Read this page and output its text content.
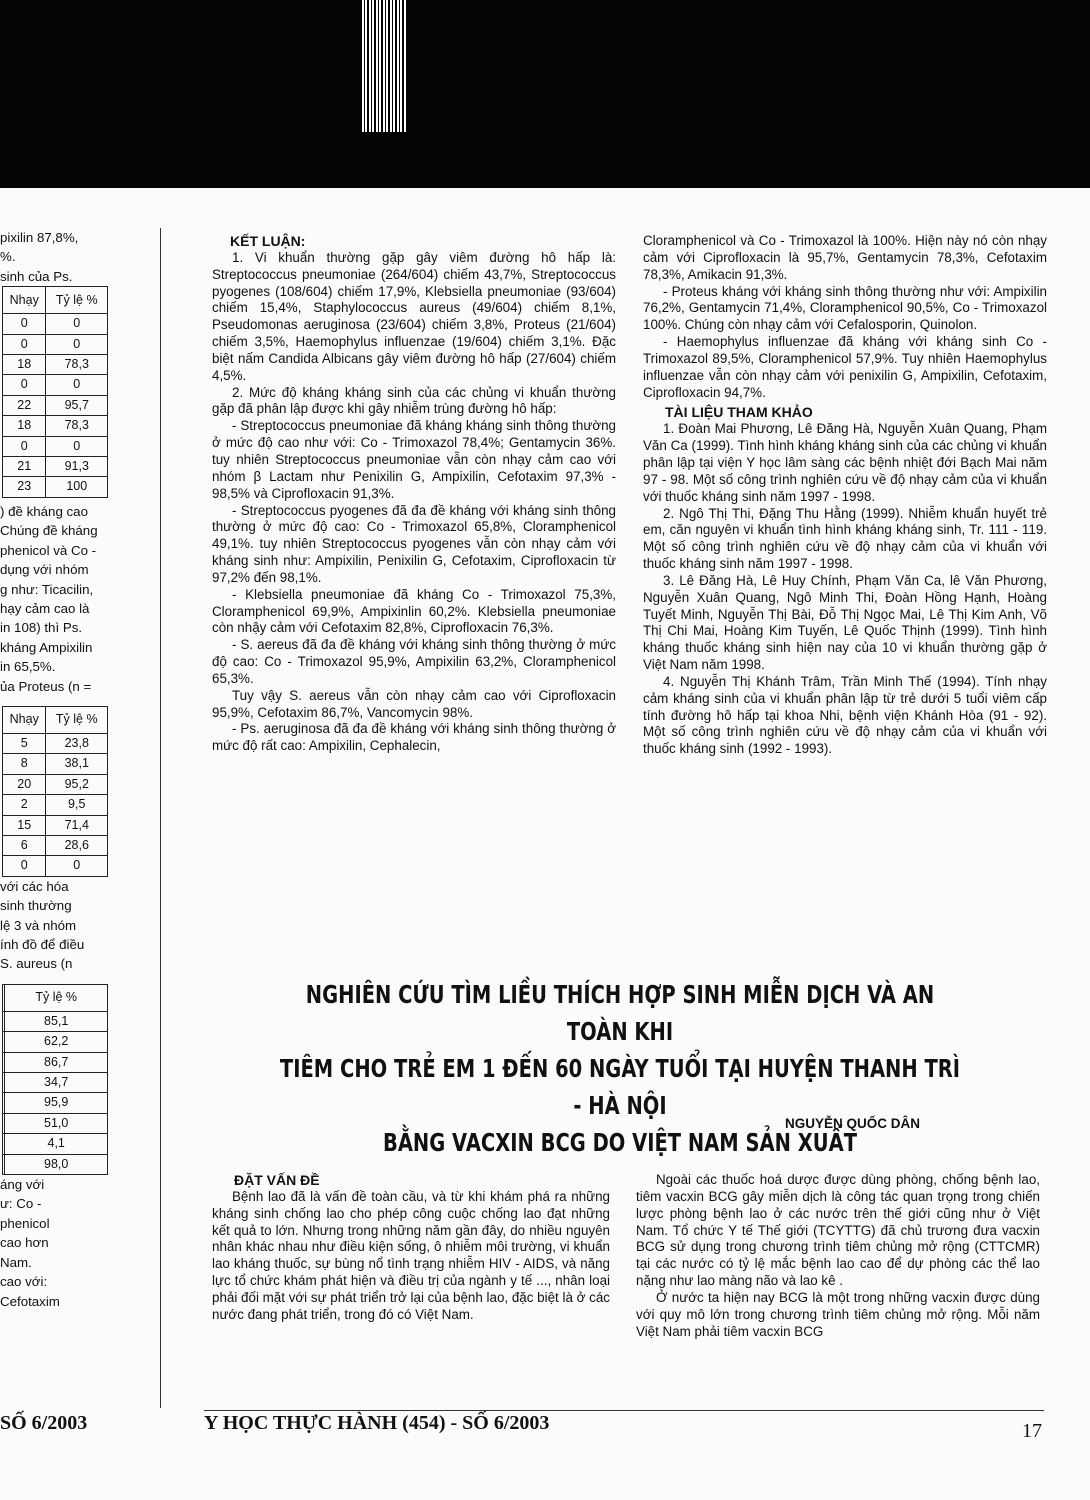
pixilin 87,8%,

%.

sinh của Ps.

Nhạy	Tỷ lệ %
0	0
0	0
18	78,3
0	0
22	95,7
18	78,3
0	0
21	91,3
23	100

) đề kháng cao

Chúng đề kháng

phenicol và Co -

dụng với nhóm

g như: Ticacilin,

hạy cảm cao là

in 108) thì Ps.

kháng Ampixilin

in 65,5%.

ủa Proteus (n =

Nhạy	Tỷ lệ %
5	23,8
8	38,1
20	95,2
2	9,5
15	71,4
6	28,6
0	0

với các hóa

sinh thường

lệ 3 và nhóm

ính đồ để điều

S. aureus (n

	Tỷ lệ %
	85,1
	62,2
	86,7
	34,7
	95,9
	51,0
	4,1
	98,0

áng với

ư: Co -

phenicol

cao hơn

Nam.

cao với:

Cefotaxim

SỐ 6/2003
KẾT LUẬN:

1. Vi khuẩn thường gặp gây viêm đường hô hấp là: Streptococcus pneumoniae (264/604) chiếm 43,7%, Streptococcus pyogenes (108/604) chiếm 17,9%, Klebsiella pneumoniae (93/604) chiếm 15,4%, Staphylococcus aureus (49/604) chiếm 8,1%, Pseudomonas aeruginosa (23/604) chiếm 3,8%, Proteus (21/604) chiếm 3,5%, Haemophylus influenzae (19/604) chiếm 3,1%. Đặc biệt nấm Candida Albicans gây viêm đường hô hấp (27/604) chiếm 4,5%.

2. Mức độ kháng kháng sinh của các chủng vi khuẩn thường gặp đã phân lập được khi gây nhiễm trùng đường hô hấp:

- Streptococcus pneumoniae đã kháng kháng sinh thông thường ở mức độ cao như với: Co - Trimoxazol 78,4%; Gentamycin 36%. tuy nhiên Streptococcus pneumoniae vẫn còn nhạy cảm cao với nhóm β Lactam như Penixilin G, Ampixilin, Cefotaxim 97,3% - 98,5% và Ciprofloxacin 91,3%.

- Streptococcus pyogenes đã đa đề kháng với kháng sinh thông thường ở mức độ cao: Co - Trimoxazol 65,8%, Cloramphenicol 49,1%. tuy nhiên Streptococcus pyogenes vẫn còn nhạy cảm với kháng sinh như: Ampixilin, Penixilin G, Cefotaxim, Ciprofloxacin từ 97,2% đến 98,1%.

- Klebsiella pneumoniae đã kháng Co - Trimoxazol 75,3%, Cloramphenicol 69,9%, Ampixinlin 60,2%. Klebsiella pneumoniae còn nhậy cảm với Cefotaxim 82,8%, Ciprofloxacin 76,3%.

- S. aereus đã đa đề kháng với kháng sinh thông thường ở mức độ cao: Co - Trimoxazol 95,9%, Ampixilin 63,2%, Cloramphenicol 65,3%.

Tuy vậy S. aereus vẫn còn nhạy cảm cao với Ciprofloxacin 95,9%, Cefotaxim 86,7%, Vancomycin 98%.

- Ps. aeruginosa đã đa đề kháng với kháng sinh thông thường ở mức độ rất cao: Ampixilin, Cephalecin,

Cloramphenicol và Co - Trimoxazol là 100%. Hiện này nó còn nhạy cảm với Ciprofloxacin là 95,7%, Gentamycin 78,3%, Cefotaxim 78,3%, Amikacin 91,3%.

- Proteus kháng với kháng sinh thông thường như với: Ampixilin 76,2%, Gentamycin 71,4%, Cloramphenicol 90,5%, Co - Trimoxazol 100%. Chúng còn nhạy cảm với Cefalosporin, Quinolon.

- Haemophylus influenzae đã kháng với kháng sinh Co - Trimoxazol 89,5%, Cloramphenicol 57,9%. Tuy nhiên Haemophylus influenzae vẫn còn nhạy cảm với penixilin G, Ampixilin, Cefotaxim, Ciprofloxacin 94,7%.

TÀI LIỆU THAM KHẢO

1. Đoàn Mai Phương, Lê Đăng Hà, Nguyễn Xuân Quang, Phạm Văn Ca (1999). Tình hình kháng kháng sinh của các chủng vi khuẩn phân lập tại viện Y học lâm sàng các bệnh nhiệt đới Bạch Mai năm 97 - 98. Một số công trình nghiên cứu về độ nhạy cảm của vi khuẩn với thuốc kháng sinh năm 1997 - 1998.

2. Ngô Thị Thi, Đặng Thu Hằng (1999). Nhiễm khuẩn huyết trẻ em, căn nguyên vi khuẩn tình hình kháng kháng sinh, Tr. 111 - 119. Một số công trình nghiên cứu về độ nhạy cảm của vi khuẩn với thuốc kháng sinh năm 1997 - 1998.

3. Lê Đăng Hà, Lê Huy Chính, Phạm Văn Ca, lê Văn Phương, Nguyễn Xuân Quang, Ngô Minh Thi, Đoàn Hồng Hạnh, Hoàng Tuyết Minh, Nguyễn Thị Bài, Đỗ Thị Ngọc Mai, Lê Thị Kim Anh, Võ Thị Chi Mai, Hoàng Kim Tuyến, Lê Quốc Thịnh (1999). Tình hình kháng thuốc kháng sinh hiện nay của 10 vi khuẩn thường gặp ở Việt Nam năm 1998.

4. Nguyễn Thị Khánh Trâm, Trần Minh Thế (1994). Tính nhạy cảm kháng sinh của vi khuẩn phân lập từ trẻ dưới 5 tuổi viêm cấp tính đường hô hấp tại khoa Nhi, bệnh viện Khánh Hòa (91 - 92). Một số công trình nghiên cứu về độ nhạy cảm của vi khuẩn với thuốc kháng sinh (1992 - 1993).

NGHIÊN CỨU TÌM LIỀU THÍCH HỢP SINH MIỄN DỊCH VÀ AN TOÀN KHI
TIÊM CHO TRẺ EM 1 ĐẾN 60 NGÀY TUỔI TẠI HUYỆN THANH TRÌ - HÀ NỘI
BẰNG VACXIN BCG DO VIỆT NAM SẢN XUẤT
NGUYỄN QUỐC DÂN
ĐẶT VẤN ĐỀ

Bệnh lao đã là vấn đề toàn cầu, và từ khi khám phá ra những kháng sinh chống lao cho phép công cuộc chống lao đạt những kết quả to lớn. Nhưng trong những năm gần đây, do nhiều nguyên nhân khác nhau như điều kiện sống, ô nhiễm môi trường, vi khuẩn lao kháng thuốc, sự bùng nổ tình trạng nhiễm HIV - AIDS, và năng lực tổ chức khám phát hiện và điều trị của ngành y tế ..., nhân loại phải đối mặt với sự phát triển trở lại của bệnh lao, đặc biệt là ở các nước đang phát triển, trong đó có Việt Nam.

Ngoài các thuốc hoá dược được dùng phòng, chống bệnh lao, tiêm vacxin BCG gây miễn dịch là công tác quan trọng trong chiến lược phòng bệnh lao ở các nước trên thế giới cũng như ở Việt Nam. Tổ chức Y tế Thế giới (TCYTTG) đã chủ trương đưa vacxin BCG sử dụng trong chương trình tiêm chủng mở rộng (CTTCMR) tại các nước có tỷ lệ mắc bệnh lao cao để dự phòng các thể lao nặng như lao màng não và lao kê .

Ở nước ta hiện nay BCG là một trong những vacxin được dùng với quy mô lớn trong chương trình tiêm chủng mở rộng. Mỗi năm Việt Nam phải tiêm vacxin BCG

Y HỌC THỰC HÀNH (454) - SỐ 6/2003	17
